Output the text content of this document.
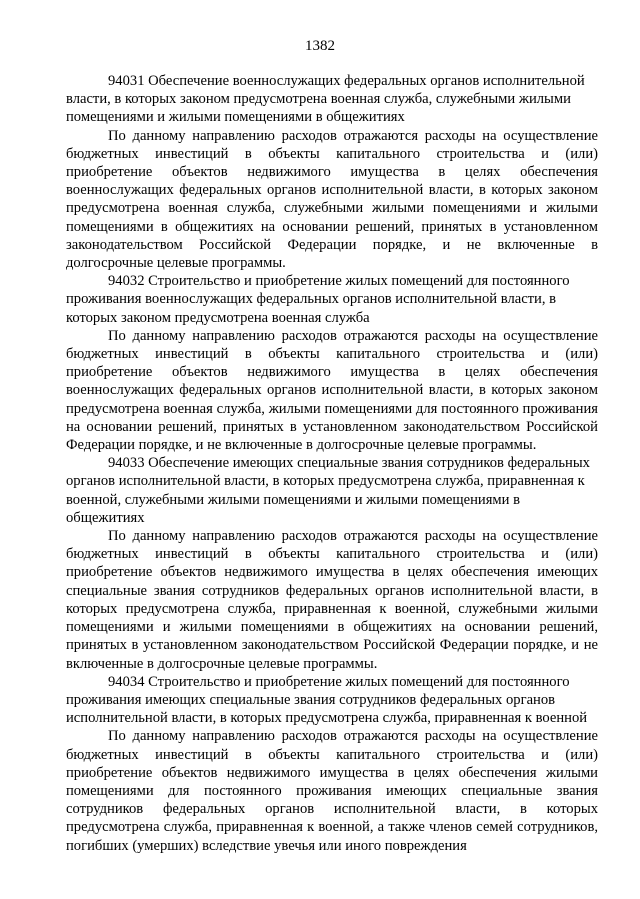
1382

94031 Обеспечение военнослужащих федеральных органов исполнительной власти, в которых законом предусмотрена военная служба, служебными жилыми помещениями и жилыми помещениями в общежитиях

По данному направлению расходов отражаются расходы на осуществление бюджетных инвестиций в объекты капитального строительства и (или) приобретение объектов недвижимого имущества в целях обеспечения военнослужащих федеральных органов исполнительной власти, в которых законом предусмотрена военная служба, служебными жилыми помещениями и жилыми помещениями в общежитиях на основании решений, принятых в установленном законодательством Российской Федерации порядке, и не включенные в долгосрочные целевые программы.

94032 Строительство и приобретение жилых помещений для постоянного проживания военнослужащих федеральных органов исполнительной власти, в которых законом предусмотрена военная служба

По данному направлению расходов отражаются расходы на осуществление бюджетных инвестиций в объекты капитального строительства и (или) приобретение объектов недвижимого имущества в целях обеспечения военнослужащих федеральных органов исполнительной власти, в которых законом предусмотрена военная служба, жилыми помещениями для постоянного проживания на основании решений, принятых в установленном законодательством Российской Федерации порядке, и не включенные в долгосрочные целевые программы.

94033 Обеспечение имеющих специальные звания сотрудников федеральных органов исполнительной власти, в которых предусмотрена служба, приравненная к военной, служебными жилыми помещениями и жилыми помещениями в общежитиях

По данному направлению расходов отражаются расходы на осуществление бюджетных инвестиций в объекты капитального строительства и (или) приобретение объектов недвижимого имущества в целях обеспечения имеющих специальные звания сотрудников федеральных органов исполнительной власти, в которых предусмотрена служба, приравненная к военной, служебными жилыми помещениями и жилыми помещениями в общежитиях на основании решений, принятых в установленном законодательством Российской Федерации порядке, и не включенные в долгосрочные целевые программы.

94034 Строительство и приобретение жилых помещений для постоянного проживания имеющих специальные звания сотрудников федеральных органов исполнительной власти, в которых предусмотрена служба, приравненная к военной

По данному направлению расходов отражаются расходы на осуществление бюджетных инвестиций в объекты капитального строительства и (или) приобретение объектов недвижимого имущества в целях обеспечения жилыми помещениями для постоянного проживания имеющих специальные звания сотрудников федеральных органов исполнительной власти, в которых предусмотрена служба, приравненная к военной, а также членов семей сотрудников, погибших (умерших) вследствие увечья или иного повреждения
